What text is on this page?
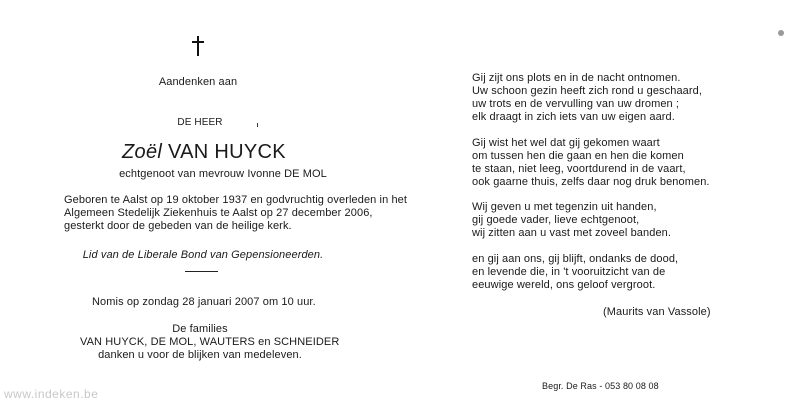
Aandenken aan
DE HEER
Zoël VAN HUYCK
echtgenoot van mevrouw Ivonne DE MOL
Geboren te Aalst op 19 oktober 1937 en godvruchtig overleden in het
Algemeen Stedelijk Ziekenhuis te Aalst op 27 december 2006,
gesterkt door de gebeden van de heilige kerk.
Lid van de Liberale Bond van Gepensioneerden.
Nomis op zondag 28 januari 2007 om 10 uur.
De families
VAN HUYCK, DE MOL, WAUTERS en SCHNEIDER
danken u voor de blijken van medeleven.
Gij zijt ons plots en in de nacht ontnomen.
Uw schoon gezin heeft zich rond u geschaard,
uw trots en de vervulling van uw dromen ;
elk draagt in zich iets van uw eigen aard.
Gij wist het wel dat gij gekomen waart
om tussen hen die gaan en hen die komen
te staan, niet leeg, voortdurend in de vaart,
ook gaarne thuis, zelfs daar nog druk benomen.
Wij geven u met tegenzin uit handen,
gij goede vader, lieve echtgenoot,
wij zitten aan u vast met zoveel banden.
en gij aan ons, gij blijft, ondanks de dood,
en levende die, in 't vooruitzicht van de
eeuwige wereld, ons geloof vergroot.
(Maurits van Vassole)
Begr. De Ras - 053 80 08 08
www.indeken.be
